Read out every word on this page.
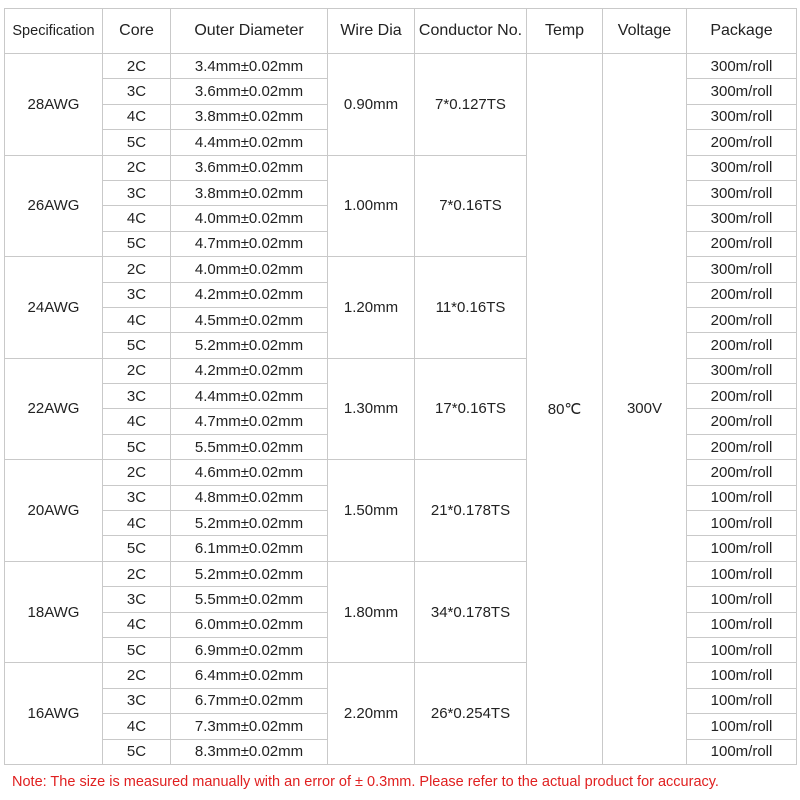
Specification	Core	Outer Diameter	Wire Dia	Conductor No.	Temp	Voltage	Package
28AWG	2C	3.4mm±0.02mm	0.90mm	7*0.127TS	80℃	300V	300m/roll
	3C	3.6mm±0.02mm					300m/roll
	4C	3.8mm±0.02mm					300m/roll
	5C	4.4mm±0.02mm					200m/roll
26AWG	2C	3.6mm±0.02mm	1.00mm	7*0.16TS			300m/roll
	3C	3.8mm±0.02mm					300m/roll
	4C	4.0mm±0.02mm					300m/roll
	5C	4.7mm±0.02mm					200m/roll
24AWG	2C	4.0mm±0.02mm	1.20mm	11*0.16TS			300m/roll
	3C	4.2mm±0.02mm					200m/roll
	4C	4.5mm±0.02mm					200m/roll
	5C	5.2mm±0.02mm					200m/roll
22AWG	2C	4.2mm±0.02mm	1.30mm	17*0.16TS			300m/roll
	3C	4.4mm±0.02mm					200m/roll
	4C	4.7mm±0.02mm					200m/roll
	5C	5.5mm±0.02mm					200m/roll
20AWG	2C	4.6mm±0.02mm	1.50mm	21*0.178TS			200m/roll
	3C	4.8mm±0.02mm					100m/roll
	4C	5.2mm±0.02mm					100m/roll
	5C	6.1mm±0.02mm					100m/roll
18AWG	2C	5.2mm±0.02mm	1.80mm	34*0.178TS			100m/roll
	3C	5.5mm±0.02mm					100m/roll
	4C	6.0mm±0.02mm					100m/roll
	5C	6.9mm±0.02mm					100m/roll
16AWG	2C	6.4mm±0.02mm	2.20mm	26*0.254TS			100m/roll
	3C	6.7mm±0.02mm					100m/roll
	4C	7.3mm±0.02mm					100m/roll
	5C	8.3mm±0.02mm					100m/roll
Note: The size is measured manually with an error of ± 0.3mm. Please refer to the actual product for accuracy.
